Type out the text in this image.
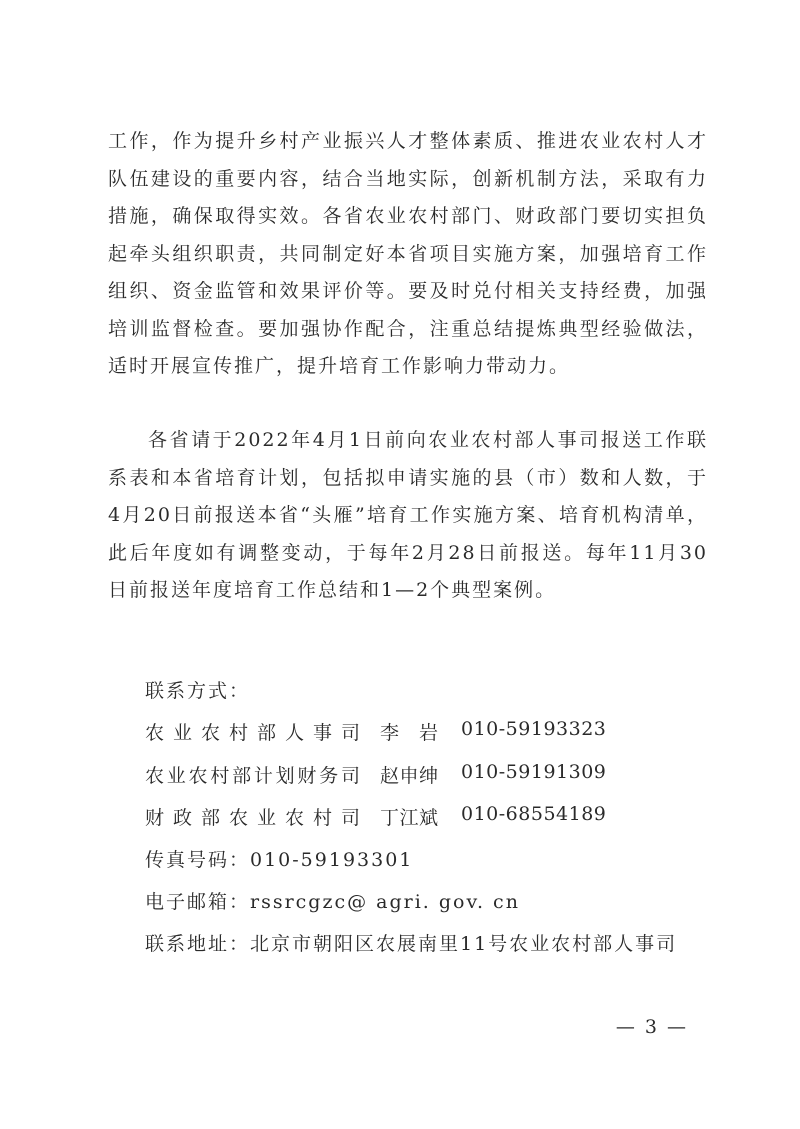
工作，作为提升乡村产业振兴人才整体素质、推进农业农村人才队伍建设的重要内容，结合当地实际，创新机制方法，采取有力措施，确保取得实效。各省农业农村部门、财政部门要切实担负起牵头组织职责，共同制定好本省项目实施方案，加强培育工作组织、资金监管和效果评价等。要及时兑付相关支持经费，加强培训监督检查。要加强协作配合，注重总结提炼典型经验做法，适时开展宣传推广，提升培育工作影响力带动力。

各省请于2022年4月1日前向农业农村部人事司报送工作联系表和本省培育计划，包括拟申请实施的县（市）数和人数，于4月20日前报送本省“头雁”培育工作实施方案、培育机构清单，此后年度如有调整变动，于每年2月28日前报送。每年11月30日前报送年度培育工作总结和1—2个典型案例。

联系方式：
农业农村部人事司 李岩 010-59193323
农业农村部计划财务司 赵申绅 010-59191309
财政部农业农村司 丁江斌 010-68554189
传真号码：010-59193301
电子邮箱：rssrcgzc@ agri. gov. cn
联系地址：北京市朝阳区农展南里11号农业农村部人事司
— 3 —
